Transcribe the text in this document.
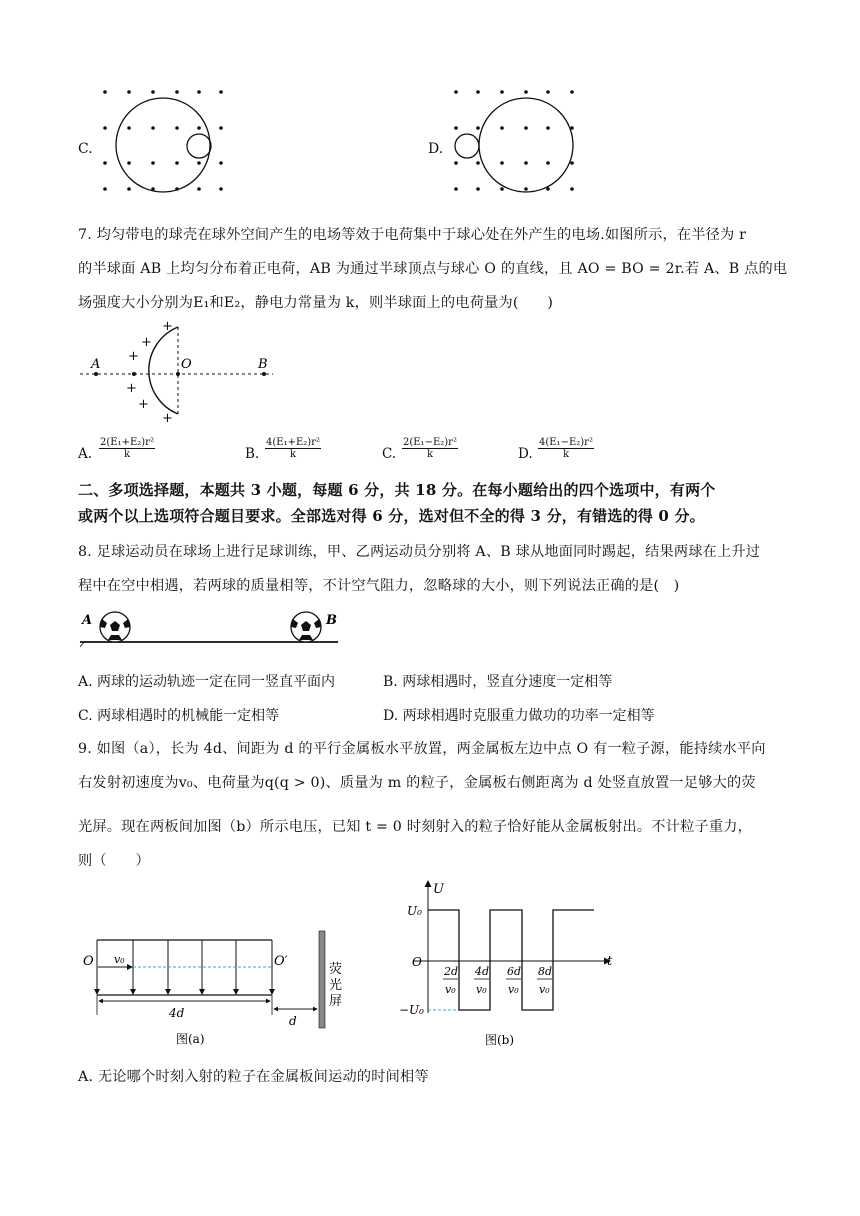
C.	D.
7. 均匀带电的球壳在球外空间产生的电场等效于电荷集中于球心处在外产生的电场.如图所示，在半径为 r
的半球面 AB 上均匀分布着正电荷，AB 为通过半球顶点与球心 O 的直线，且 AO = BO = 2r.若 A、B 点的电
场强度大小分别为E₁和E₂，静电力常量为 k，则半球面上的电荷量为(　　)
A	O	B
+
+
+
+
+
+
A. $\frac{\text{2(E₁+E₂)r²}}{k}$	B. $\frac{\text{4(E₁+E₂)r²}}{k}$	C. $\frac{\text{2(E₁−E₂)r²}}{k}$	D. $\frac{\text{4(E₁−E₂)r²}}{k}$
二、多项选择题，本题共 3 小题，每题 6 分，共 18 分。在每小题给出的四个选项中，有两个
或两个以上选项符合题目要求。全部选对得 6 分，选对但不全的得 3 分，有错选的得 0 分。
8. 足球运动员在球场上进行足球训练，甲、乙两运动员分别将 A、B 球从地面同时踢起，结果两球在上升过
程中在空中相遇，若两球的质量相等，不计空气阻力，忽略球的大小，则下列说法正确的是(　)
A	B
A. 两球的运动轨迹一定在同一竖直平面内	B. 两球相遇时，竖直分速度一定相等
C. 两球相遇时的机械能一定相等	D. 两球相遇时克服重力做功的功率一定相等
9. 如图（a），长为 4d、间距为 d 的平行金属板水平放置，两金属板左边中点 O 有一粒子源，能持续水平向
右发射初速度为v₀、电荷量为q(q > 0)、质量为 m 的粒子，金属板右侧距离为 d 处竖直放置一足够大的荧
光屏。现在两板间加图（b）所示电压，已知 t = 0 时刻射入的粒子恰好能从金属板射出。不计粒子重力，
则（　　）
O v₀	O′
荧
光
屏
4d
d
图(a)
U
t
U₀
O
−U₀
2d
v₀
4d
v₀
6d
v₀
8d
v₀
图(b)
A. 无论哪个时刻入射的粒子在金属板间运动的时间相等
